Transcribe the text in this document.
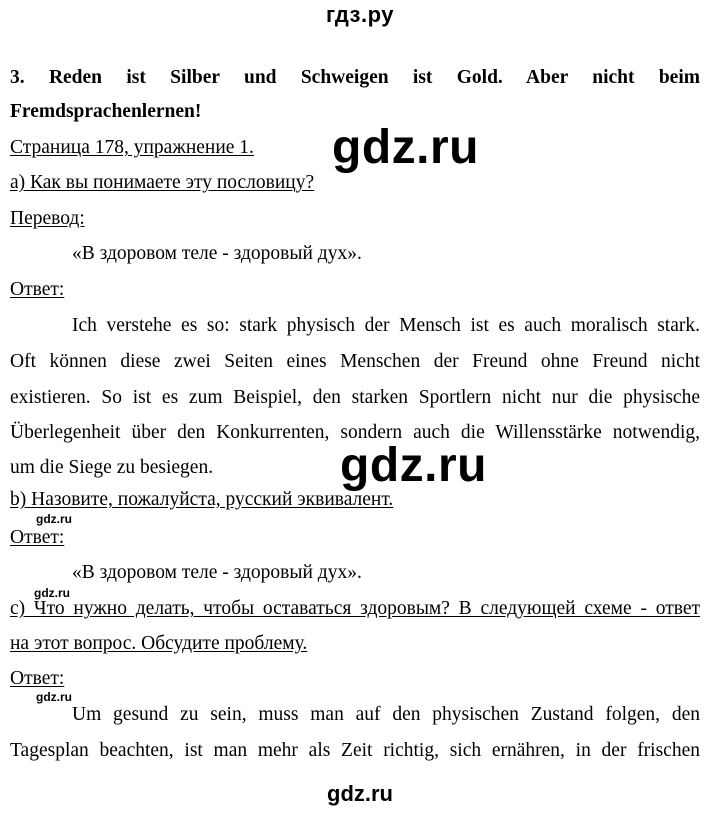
гдз.ру
3. Reden ist Silber und Schweigen ist Gold. Aber nicht beim
Fremdsprachenlernen!
Страница 178, упражнение 1. gdz.ru
a) Как вы понимаете эту пословицу?
Перевод:
«В здоровом теле - здоровый дух».
Ответ:
Ich verstehe es so: stark physisch der Mensch ist es auch moralisch stark.
Oft können diese zwei Seiten eines Menschen der Freund ohne Freund nicht
existieren. So ist es zum Beispiel, den starken Sportlern nicht nur die physische
Überlegenheit über den Konkurrenten, sondern auch die Willensstärke notwendig,
um die Siege zu besiegen.	gdz.ru
b) Назовите, пожалуйста, русский эквивалент.
gdz.ru
Ответ:
«В здоровом теле - здоровый дух».
gdz.ru
c) Что нужно делать, чтобы оставаться здоровым? В следующей схеме - ответ
на этот вопрос. Обсудите проблему.
Ответ:
gdz.ru
Um gesund zu sein, muss man auf den physischen Zustand folgen, den
Tagesplan beachten, ist man mehr als Zeit richtig, sich ernähren, in der frischen
gdz.ru
